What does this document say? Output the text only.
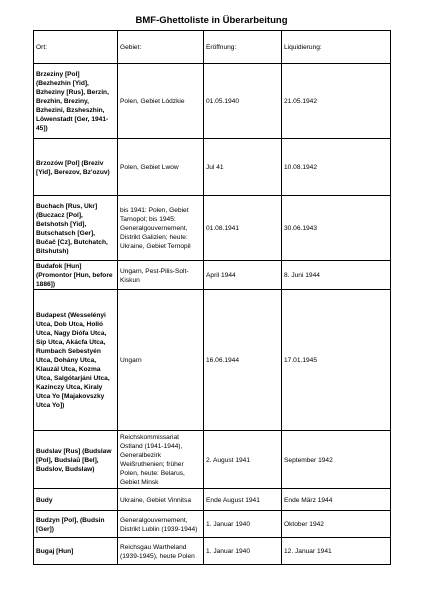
BMF-Ghettoliste in Überarbeitung
Ort:	Gebiet:	Eröffnung:	Liquidierung:
Brzeziny [Pol] (Bezhezhin [Yid], Bzheziny [Rus], Berzin, Brezhin, Breziny, Bzhezini, Bzsheszhin, Löwenstadt [Ger, 1941-45])	Polen, Gebiet Lódzkie	01.05.1940	21.05.1942
Brzozów [Pol] (Breziv [Yid], Berezov, Bz'ozuv)	Polen, Gebiet Lwow	Jul 41	10.08.1942
Buchach [Rus, Ukr] (Buczacz [Pol], Betshotsh [Yid], Butschatsch [Ger], Bučač [Cz], Butchatch, Bitshutsh)	bis 1941: Polen, Gebiet Tarnopol; bis 1945: Generalgouvernement, Distrikt Galizien; heute: Ukraine, Gebiet Ternopil	01.08.1941	30.06.1943
Budafok [Hun] (Promontor [Hun, before 1886])	Ungarn, Pest-Pilis-Solt-Kiskun	April 1944	8. Juni 1944
Budapest (Wesselényi Utca, Dob Utca, Holló Utca, Nagy Diófa Utca, Sip Utca, Akácfa Utca, Rumbach Sebestyén Utca, Dohány Utca, Klauzál Utca, Kozma Utca, Salgótarjáni Utca, Kazinczy Utca, Kiraly Utca Yo [Majakovszky Utca Yo])	Ungarn	16.06.1944	17.01.1945
Budslav [Rus] (Budslaw [Pol], Budslaŭ [Bel], Budslov, Budslaw)	Reichskommissariat Ostland (1941-1944), Generalbezirk Weißruthenien; früher Polen, heute: Belarus, Gebiet Minsk	2. August 1941	September 1942
Budy	Ukraine, Gebiet Vinnitsa	Ende August 1941	Ende März 1944
Budzyn [Pol], (Budsin [Ger])	Generalgouvernement, Distrikt Lublin (1939-1944)	1. Januar 1940	Oktober 1942
Bugaj [Hun]	Reichsgau Wartheland (1939-1945), heute Polen	1. Januar 1940	12. Januar 1941
